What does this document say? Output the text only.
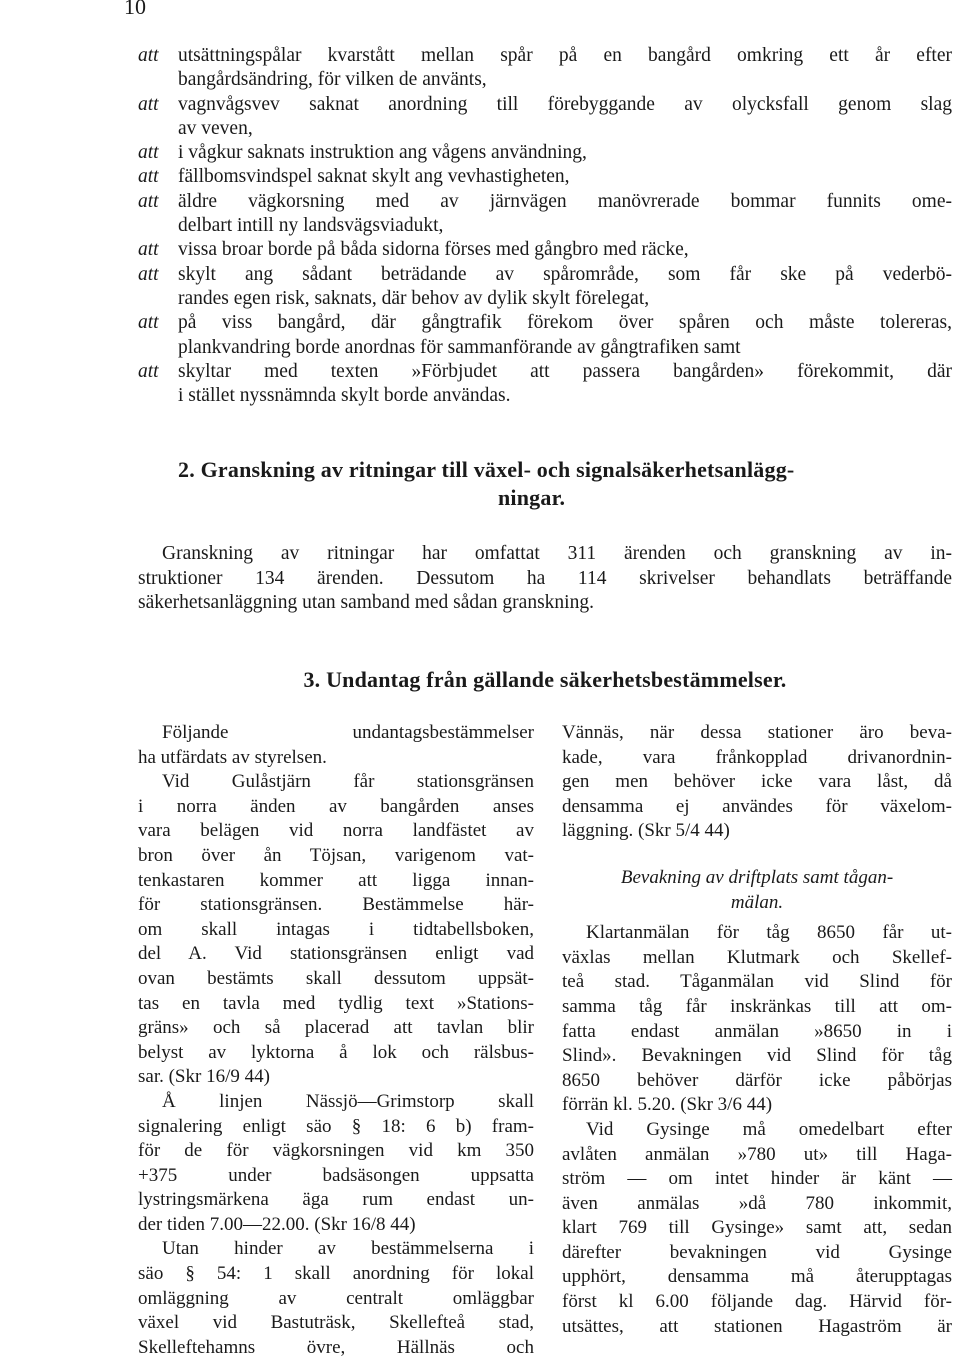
10
att utsättningspålar kvarstått mellan spår på en bangård omkring ett år efter
bangårdsändring, för vilken de använts,
att vagnvågsvev saknat anordning till förebyggande av olycksfall genom slag
av veven,
att i vågkur saknats instruktion ang vågens användning,
att fällbomsvindspel saknat skylt ang vevhastigheten,
att äldre vägkorsning med av järnvägen manövrerade bommar funnits ome-
delbart intill ny landsvägsviadukt,
att vissa broar borde på båda sidorna förses med gångbro med räcke,
att skylt ang sådant beträdande av spårområde, som får ske på vederbö-
randes egen risk, saknats, där behov av dylik skylt förelegat,
att på viss bangård, där gångtrafik förekom över spåren och måste tolereras,
plankvandring borde anordnas för sammanförande av gångtrafiken samt
att skyltar med texten »Förbjudet att passera bangården» förekommit, där
i stället nyssnämnda skylt borde användas.
2. Granskning av ritningar till växel- och signalsäkerhetsanlägg-
ningar.
Granskning av ritningar har omfattat 311 ärenden och granskning av in-
struktioner 134 ärenden. Dessutom ha 114 skrivelser behandlats beträffande
säkerhetsanläggning utan samband med sådan granskning.
3. Undantag från gällande säkerhetsbestämmelser.
Följande undantagsbestämmelser
ha utfärdats av styrelsen.
Vid Gulåstjärn får stationsgränsen
i norra änden av bangården anses
vara belägen vid norra landfästet av
bron över ån Töjsan, varigenom vat-
tenkastaren kommer att ligga innan-
för stationsgränsen. Bestämmelse här-
om skall intagas i tidtabellsboken,
del A. Vid stationsgränsen enligt vad
ovan bestämts skall dessutom uppsät-
tas en tavla med tydlig text »Stations-
gräns» och så placerad att tavlan blir
belyst av lyktorna å lok och rälsbus-
sar. (Skr 16/9 44)
Å linjen Nässjö—Grimstorp skall
signalering enligt säo § 18: 6 b) fram-
för de för vägkorsningen vid km 350
+375 under badsäsongen uppsatta
lystringsmärkena äga rum endast un-
der tiden 7.00—22.00. (Skr 16/8 44)
Utan hinder av bestämmelserna i
säo § 54: 1 skall anordning för lokal
omläggning av centralt omläggbar
växel vid Bastuträsk, Skellefteå stad,
Skelleftehamns övre, Hällnäs och
Vännäs, när dessa stationer äro beva-
kade, vara frånkopplad drivanordnin-
gen men behöver icke vara låst, då
densamma ej användes för växelom-
läggning. (Skr 5/4 44)
Bevakning av driftplats samt tågan-
mälan.
Klartanmälan för tåg 8650 får ut-
växlas mellan Klutmark och Skellef-
teå stad. Tåganmälan vid Slind för
samma tåg får inskränkas till att om-
fatta endast anmälan »8650 in i
Slind». Bevakningen vid Slind för tåg
8650 behöver därför icke påbörjas
förrän kl. 5.20. (Skr 3/6 44)
Vid Gysinge må omedelbart efter
avlåten anmälan »780 ut» till Haga-
ström — om intet hinder är känt —
även anmälas »då 780 inkommit,
klart 769 till Gysinge» samt att, sedan
därefter bevakningen vid Gysinge
upphört, densamma må återupptagas
först kl 6.00 följande dag. Härvid för-
utsättes, att stationen Hagaström är
